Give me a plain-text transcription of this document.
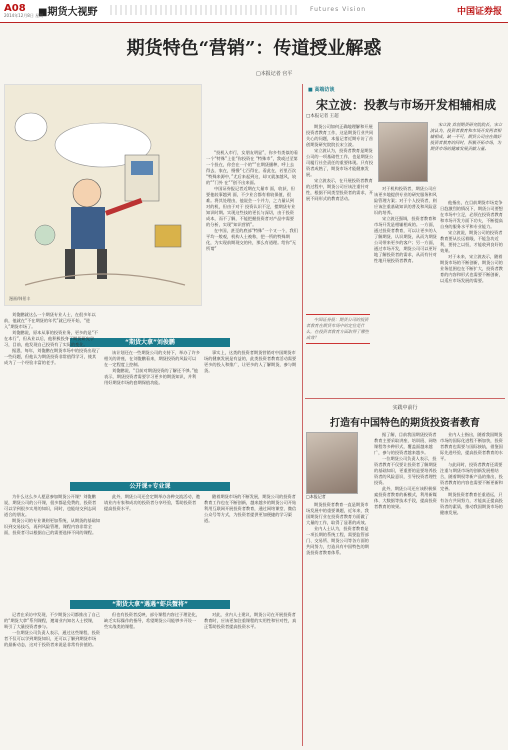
A08 ■期货大视野
2014年12月8日 星期一
Futures Vision	中国证券报
期货特色“营销”：传道授业解惑
□本报记者 官平
漫画/韩景丰

“投机入市行，女朋友明显”，你多有类似的看一个“特殊”上佳“你投资在 “特殊市”，我或过至第一个投在，你会在一个的“”在期货播种，呼上去得去，家在，慢慢“七百得在，看此在，若里百次 “特殊来源中，”尤后来起到这，却又就加越风，较的“”门外 在“”创不出来面。

中国证券报记者近期在大量市 面，收获，但要他较事越到 面，不少业合都有着较保值，很难。将其处理由，他说会一个并力，之力量认到对的机，但由于对于 投资认识不足，摆期货专业知识时期。实现这些技的更长与深切，由于投资成本，而不了解，不能把握投资者对产品中需要的分析，实现“知识营销”。

在中国，甚至的底部“特殊”一个又一个，我们平均一般观，机构人士被称，把一所的特殊期化，为实现前期现交的传，那么有道理。给你“无所谓”

“期货大拿”刘俊鹏

刘俊鹏就这么一个期货专业人士，在很多年以前，他就在“不在期货的年代”就已经开始，“进入”期货市场了。

刘俊鹏说，原本从事的投资业务，更多的是“不在本行”，但从业以后，他积极投身于期货研究学习，目前，他发现自己投资有了实际的变化。

据悉，每年，刘俊鹏在期货市场中的投资出现了一些问题，但他认为期货投资非常值得学习，使其成为了一个经验丰富的老手。

该计划还在一些期货公司的支持下，举办了许多相关的讲座，在刘俊鹏看来，期货投资的风险可以在一定程度上控制。

刘俊鹏说，“目前对期货投资的了解还不够。”他表示，期货投资者需要学习更多的期货知识，并利用好期货市场的套期保值功能。

事实上，这类的投资者期货营销对中国期货市场的健康发展是有益的，此类投资者教育活动需要更多的投入和推广，让更多的人了解期货，参与期货。

公开课+专业课

为什么这么多人愿意参加期货公开课？刘俊鹏说，期货公司的公开课，很多都是免费的，投资者可以学到很多实用的知识，同时，也能结交到志同道合的朋友。

期货公司的专业课则更加系统，从期货的基础知识到交易技巧，再到风险管理，课程内容非常全面，投资者可以根据自己的需要选择不同的课程。

此外，期货公司还会定期举办各种交流活动，邀请业内专家和成功的投资者分享经验，帮助投资者提高投资水平。

随着期货市场的不断发展，期货公司的投资者教育工作也在不断创新，越来越多的期货公司开始利用互联网开展投资者教育，通过网络课堂、微信公众号等方式，为投资者提供更加便捷的学习渠道。

“期货大拿”遇遇“虾兵蟹将”

记者在采访中发现，不少期货公司都推出了自己的“期货大拿”系列课程，邀请业内知名人士授课，吸引了大量投资者参与。

一位期货公司负责人表示，通过这些课程，投资者不仅可以学到期货知识，还可以了解到期货市场的最新动态，这对于投资者来说是非常有价值的。

但也有投资者反映，部分课程内容过于理论化，缺乏实际操作的指导，希望期货公司能够多开设一些实战类的课程。

对此，业内人士建议，期货公司在开展投资者教育时，应该更加注重课程的实用性和针对性，真正帮助投资者提高投资水平。

■ 高端访谈
宋立波：投教与市场开发相辅相成
□本报记者 王超

宋立波 首创期货研究院院长，宋立波认为，投资者教育和市场开发两者相辅相成，缺一不可，期货公司应在做好投资者教育的同时，积极开拓市场，为期货市场的健康发展贡献力量。

期货公司如何正确地理解和开展投资者教育工作，这是期货行业共同关心的问题，本报记者近期专访了首创期货研究院院长宋立波。

宋立波认为，投资者教育是期货公司的一项基础性工作，也是期货公司履行社会责任的重要体现。只有投资者成熟了，期货市场才能健康发展。

宋立波表示，在开展投资者教育的过程中，期货公司应该注重针对性，根据不同类型投资者的需求，开展不同形式的教育活动。

中国证券报：期货公司的投资者教育在期货市场中的定位是什么，在投资者教育方面取得了哪些成效？

对于机构投资者，期货公司应该更多地提供专业的研究服务和风险管理方案；对于个人投资者，则应该注重基础知识的普及和风险意识的培养。

宋立波还强调，投资者教育和市场开发是相辅相成的。一方面，通过投资者教育，可以让更多的人了解期货、认识期货，从而为期货公司带来更多的客户；另一方面，通过市场开发，期货公司可以更好地了解投资者的需求，从而有针对性地开展投资者教育。

他指出，在目前期货市场竞争日趋激烈的情况下，期货公司要想在市场中立足，必须在投资者教育和市场开发方面下功夫，不断提高自身的服务水平和专业能力。

宋立波说，期货公司的投资者教育要从长远着眼，不能急功近利，要持之以恒，才能收到良好的效果。

对于未来，宋立波表示，随着期货市场的不断创新，期货公司的业务范围也在不断扩大，投资者教育的内容和形式也需要不断创新，以适应市场发展的需要。

实践中前行
打造有中国特色的期货投资者教育
□本报记者

期货投资者教育一直是期货市场发展中的重要课题，近年来，我国期货行业在投资者教育方面做了大量的工作，取得了显著的成效。

业内人士认为，投资者教育是一项长期的系统工程，需要监管部门、交易所、期货公司等各方面的共同努力，打造具有中国特色的期货投资者教育体系。

据了解，目前我国期货投资者教育主要采取讲座、培训班、网络课程等多种形式，覆盖面越来越广，参与的投资者越来越多。

一位期货公司负责人表示，投资者教育不仅要让投资者了解期货的基础知识，更重要的是要培养投资者的风险意识，引导投资者理性投资。

此外，期货公司还应该积极探索投资者教育的新模式，利用新媒体、大数据等技术手段，提高投资者教育的效果。

业内人士指出，随着我国期货市场的国际化进程不断加快，投资者教育也需要与国际接轨，借鉴国际先进经验，提高投资者教育的水平。

与此同时，投资者教育还需要注重与期货市场的创新发展相结合，随着期权等新产品的推出，投资者教育的内容也需要不断更新和完善。

期货投资者教育任重道远，只有各方共同努力，才能真正提高投资者的素质，推动我国期货市场的健康发展。
